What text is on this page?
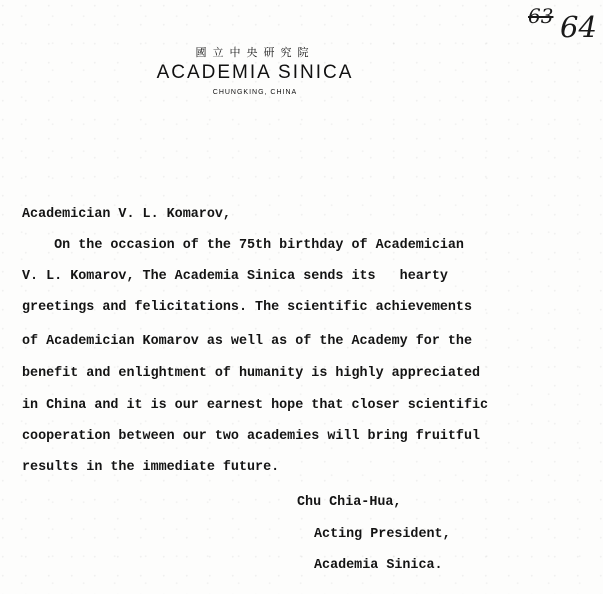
63 64
國立中央研究院
ACADEMIA SINICA
CHUNGKING, CHINA

Academician V. L. Komarov,

On the occasion of the 75th birthday of Academician

V. L. Komarov, The Academia Sinica sends its   hearty

greetings and felicitations. The scientific achievements

of Academician Komarov as well as of the Academy for the

benefit and enlightment of humanity is highly appreciated

in China and it is our earnest hope that closer scientific

cooperation between our two academies will bring fruitful

results in the immediate future.

Chu Chia-Hua,
Acting President,
Academia Sinica.
